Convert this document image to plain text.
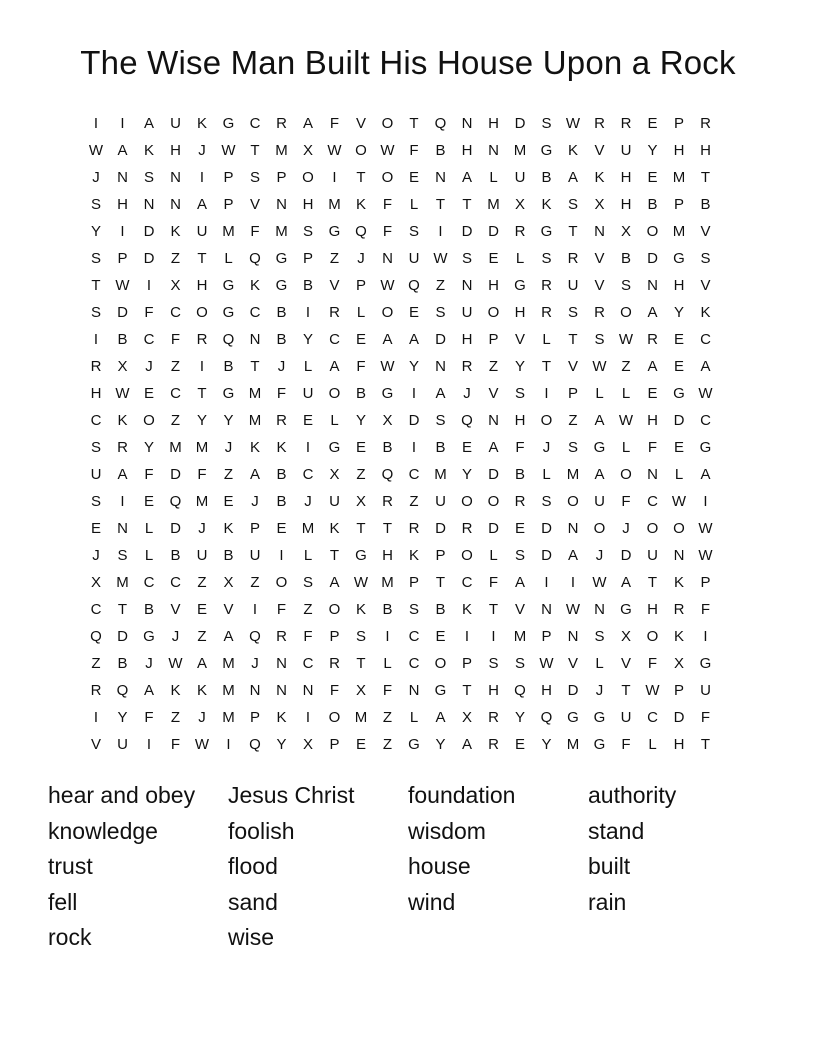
The Wise Man Built His House Upon a Rock
I	I	A	U	K	G	C	R	A	F	V	O	T	Q	N	H	D	S W R	R	E	P	R
W A	K	H	J	W T	M	X W O W F	B	H	N M G	K	V	U	Y	H	H
J	N	S	N	I	P	S	P	O	I	T	O	E	N	A	L	U	B	A	K	H	E	M	T
S	H	N	N	A	P	V	N	H M	K	F	L	T	T	M	X	K	S	X	H	B	P	B
Y	I	D	K	U M	F	M	S	G Q	F	S	I	D	D	R	G	T	N	X	O M	V
S	P	D	Z	T	L	Q G	P	Z	J	N	U W S	E	L	S	R	V	B	D	G	S
T W	I	X	H	G	K	G	B	V	P W Q	Z	N	H	G	R	U	V	S	N	H	V
S	D	F	C	O G	C	B	I	R	L	O	E	S	U	O	H	R	S	R	O	A	Y	K
I	B	C	F	R	Q	N	B	Y	C	E	A	A	D	H	P	V	L	T	S W R	E	C
R	X	J	Z	I	B	T	J	L	A	F W Y	N	R	Z	Y	T	V W Z	A	E	A
H W E	C	T	G M	F	U	O	B	G	I	A	J	V	S	I	P	L	L	E	G W
C	K	O	Z	Y	Y	M R	E	L	Y	X	D	S	Q	N	H	O	Z	A W H	D	C
S	R	Y	M M	J	K	K	I	G	E	B	I	B	E	A	F	J	S	G	L	F	E	G
U	A	F	D	F	Z	A	B	C	X	Z	Q	C M	Y	D	B	L	M	A	O	N	L	A
S	I	E	Q M	E	J	B	J	U	X	R	Z	U	O O	R	S	O	U	F	C W	I
E	N	L	D	J	K	P	E	M	K	T	T	R	D	R	D	E	D	N	O	J	O O W
J	S	L	B	U	B	U	I	L	T	G	H	K	P	O	L	S	D	A	J	D	U	N W
X	M C	C	Z	X	Z	O	S	A W M	P	T	C	F	A	I	I	W A	T	K	P
C	T	B	V	E	V	I	F	Z	O	K	B	S	B	K	T	V	N W N	G	H	R	F
Q	D	G	J	Z	A	Q	R	F	P	S	I	C	E	I	I	M	P	N	S	X	O	K	I
Z	B	J	W A	M	J	N	C	R	T	L	C	O	P	S	S W V	L	V	F	X	G
R	Q	A	K	K	M N	N	N	F	X	F	N	G	T	H	Q	H	D	J	T W P	U
I	Y	F	Z	J	M	P	K	I	O M	Z	L	A	X	R	Y	Q G G	U	C	D	F
V	U	I	F W	I	Q	Y	X	P	E	Z	G	Y	A	R	E	Y	M G	F	L	H	T
hear and obey
knowledge
trust
fell
rock
Jesus Christ
foolish
flood
sand
wise
foundation
wisdom
house
wind
authority
stand
built
rain
